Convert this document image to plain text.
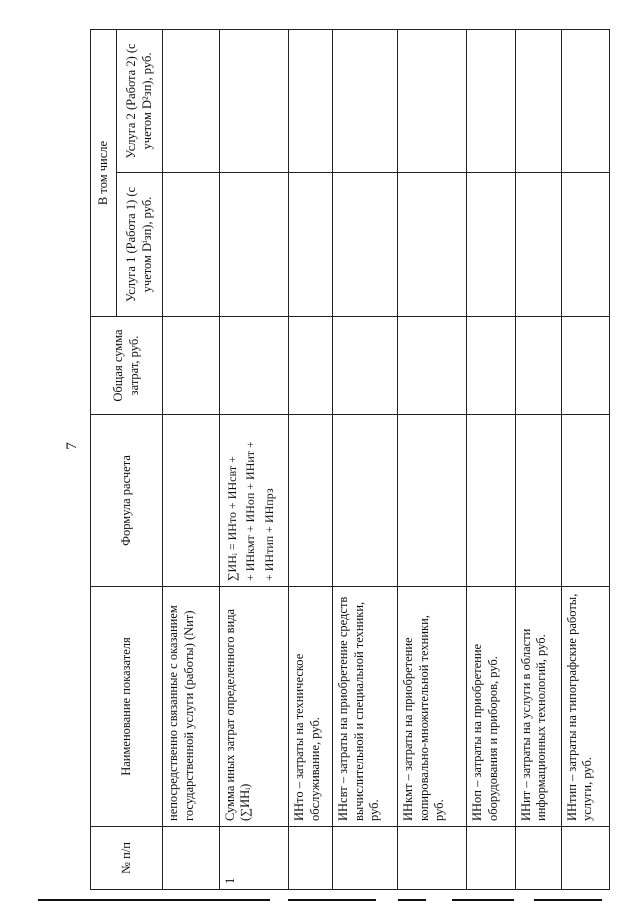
7
№ п/п	Наименование показателя	Формула расчета	Общая сумма затрат, руб.	В том числе	
				Услуга 1 (Работа 1) (с учетом Dⁱзп), руб.	Услуга 2 (Работа 2) (с учетом D²зп), руб.
	непосредственно связанные с оказанием государственной услуги (работы) (Nит)				
1	Сумма иных затрат определенного вида (∑ИНᵢ)	∑ИНᵢ = ИНто + ИНсвт + + ИНкмт + ИНоп + ИНит + + ИНтип + ИНпрз			

	ИНто – затраты на техническое обслуживание, руб.				
	ИНсвт – затраты на приобретение средств вычислительной и специальной техники, руб.				
	ИНкмт – затраты на приобретение копировально-множительной техники, руб.				
	ИНоп – затраты на приобретение оборудования и приборов, руб.				
	ИНит – затраты на услуги в области информационных технологий, руб.				
	ИНтип – затраты на типографские работы, услуги, руб.				
